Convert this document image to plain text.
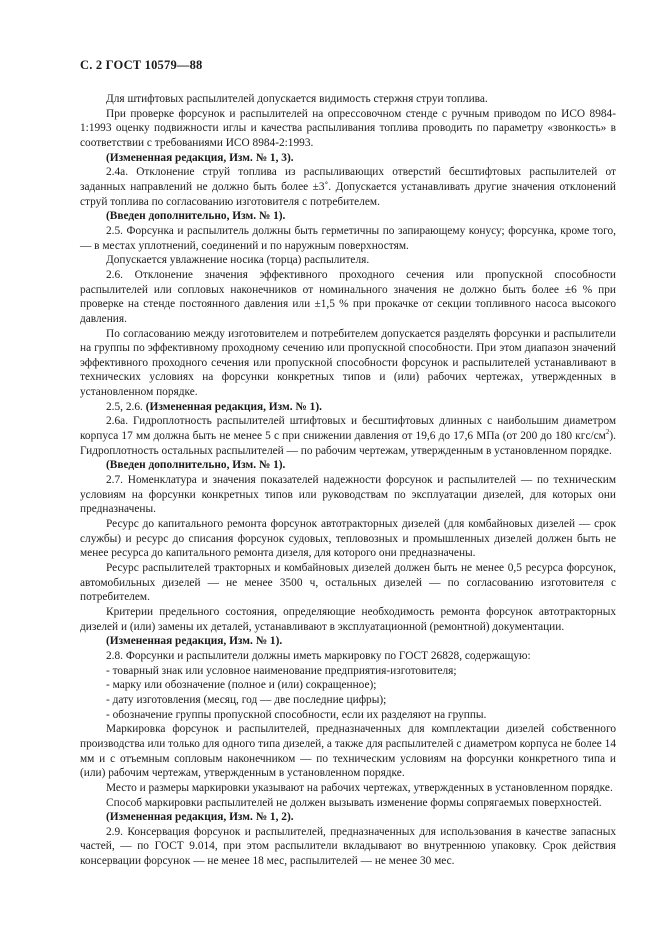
С. 2 ГОСТ 10579—88

Для штифтовых распылителей допускается видимость стержня струи топлива.

При проверке форсунок и распылителей на опрессовочном стенде с ручным приводом по ИСО 8984-1:1993 оценку подвижности иглы и качества распыливания топлива проводить по параметру «звонкость» в соответствии с требованиями ИСО 8984-2:1993.

(Измененная редакция, Изм. № 1, 3).

2.4а. Отклонение струй топлива из распыливающих отверстий бесштифтовых распылителей от заданных направлений не должно быть более ±3˚. Допускается устанавливать другие значения отклонений струй топлива по согласованию изготовителя с потребителем.

(Введен дополнительно, Изм. № 1).

2.5. Форсунка и распылитель должны быть герметичны по запирающему конусу; форсунка, кроме того, — в местах уплотнений, соединений и по наружным поверхностям.

Допускается увлажнение носика (торца) распылителя.

2.6. Отклонение значения эффективного проходного сечения или пропускной способности распылителей или сопловых наконечников от номинального значения не должно быть более ±6 % при проверке на стенде постоянного давления или ±1,5 % при прокачке от секции топливного насоса высокого давления.

По согласованию между изготовителем и потребителем допускается разделять форсунки и распылители на группы по эффективному проходному сечению или пропускной способности. При этом диапазон значений эффективного проходного сечения или пропускной способности форсунок и распылителей устанавливают в технических условиях на форсунки конкретных типов и (или) рабочих чертежах, утвержденных в установленном порядке.

2.5, 2.6. (Измененная редакция, Изм. № 1).

2.6а. Гидроплотность распылителей штифтовых и бесштифтовых длинных с наибольшим диаметром корпуса 17 мм должна быть не менее 5 с при снижении давления от 19,6 до 17,6 МПа (от 200 до 180 кгс/$см^2$). Гидроплотность остальных распылителей — по рабочим чертежам, утвержденным в установленном порядке.

(Введен дополнительно, Изм. № 1).

2.7. Номенклатура и значения показателей надежности форсунок и распылителей — по техническим условиям на форсунки конкретных типов или руководствам по эксплуатации дизелей, для которых они предназначены.

Ресурс до капитального ремонта форсунок автотракторных дизелей (для комбайновых дизелей — срок службы) и ресурс до списания форсунок судовых, тепловозных и промышленных дизелей должен быть не менее ресурса до капитального ремонта дизеля, для которого они предназначены.

Ресурс распылителей тракторных и комбайновых дизелей должен быть не менее 0,5 ресурса форсунок, автомобильных дизелей — не менее 3500 ч, остальных дизелей — по согласованию изготовителя с потребителем.

Критерии предельного состояния, определяющие необходимость ремонта форсунок автотракторных дизелей и (или) замены их деталей, устанавливают в эксплуатационной (ремонтной) документации.

(Измененная редакция, Изм. № 1).

2.8. Форсунки и распылители должны иметь маркировку по ГОСТ 26828, содержащую:

- товарный знак или условное наименование предприятия-изготовителя;

- марку или обозначение (полное и (или) сокращенное);

- дату изготовления (месяц, год — две последние цифры);

- обозначение группы пропускной способности, если их разделяют на группы.

Маркировка форсунок и распылителей, предназначенных для комплектации дизелей собственного производства или только для одного типа дизелей, а также для распылителей с диаметром корпуса не более 14 мм и с отъемным сопловым наконечником — по техническим условиям на форсунки конкретного типа и (или) рабочим чертежам, утвержденным в установленном порядке.

Место и размеры маркировки указывают на рабочих чертежах, утвержденных в установленном порядке.

Способ маркировки распылителей не должен вызывать изменение формы сопрягаемых поверхностей.

(Измененная редакция, Изм. № 1, 2).

2.9. Консервация форсунок и распылителей, предназначенных для использования в качестве запасных частей, — по ГОСТ 9.014, при этом распылители вкладывают во внутреннюю упаковку. Срок действия консервации форсунок — не менее 18 мес, распылителей — не менее 30 мес.
